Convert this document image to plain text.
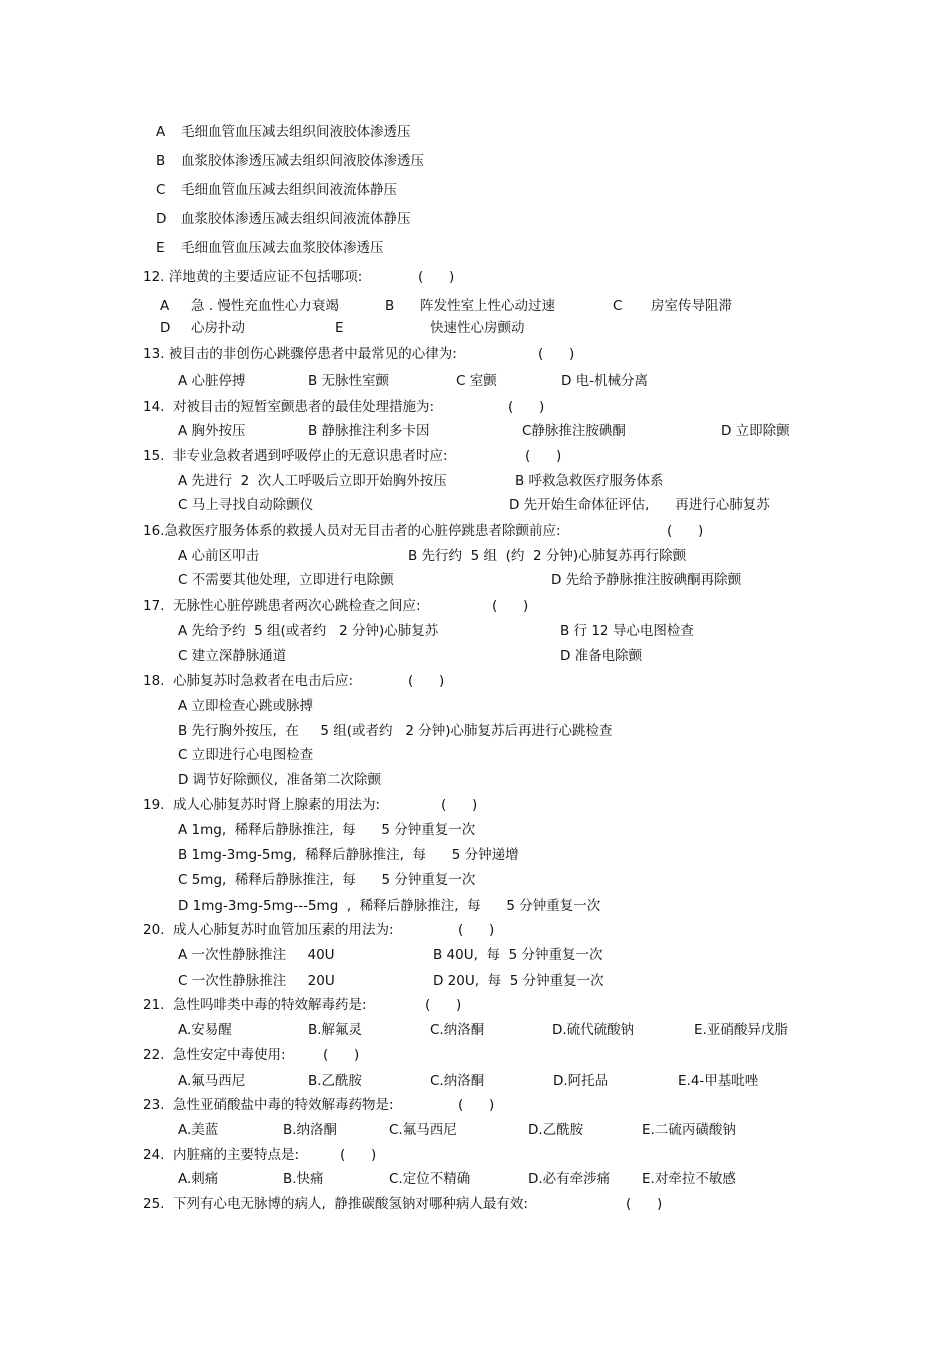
A 毛细血管血压减去组织间液胶体渗透压
B 血浆胶体渗透压减去组织间液胶体渗透压
C 毛细血管血压减去组织间液流体静压
D 血浆胶体渗透压减去组织间液流体静压
E 毛细血管血压减去血浆胶体渗透压
12. 洋地黄的主要适应证不包括哪项:	(      )
A 急 . 慢性充血性心力衰竭	B 阵发性室上性心动过速	C 房室传导阻滞
D 心房扑动	E	快速性心房颤动
13. 被目击的非创伤心跳骤停患者中最常见的心律为:	(      )
A 心脏停搏	B 无脉性室颤	C 室颤	D 电-机械分离
14.  对被目击的短暂室颤患者的最佳处理措施为:	(      )
A 胸外按压	B 静脉推注利多卡因	C静脉推注胺碘酮	D 立即除颤
15.  非专业急救者遇到呼吸停止的无意识患者时应:	(      )
A 先进行  2  次人工呼吸后立即开始胸外按压	B 呼救急救医疗服务体系
C 马上寻找自动除颤仪	D 先开始生命体征评估,      再进行心肺复苏
16.急救医疗服务体系的救援人员对无目击者的心脏停跳患者除颤前应:	(      )
A 心前区叩击	B 先行约  5 组  (约  2 分钟)心肺复苏再行除颤
C 不需要其他处理,  立即进行电除颤	D 先给予静脉推注胺碘酮再除颤
17.  无脉性心脏停跳患者两次心跳检查之间应:	(      )
A 先给予约  5 组(或者约   2 分钟)心肺复苏	B 行 12 导心电图检查
C 建立深静脉通道	D 准备电除颤
18.  心肺复苏时急救者在电击后应:	(      )
A 立即检查心跳或脉搏
B 先行胸外按压,  在     5 组(或者约   2 分钟)心肺复苏后再进行心跳检查
C 立即进行心电图检查
D 调节好除颤仪,  准备第二次除颤
19.  成人心肺复苏时肾上腺素的用法为:	(      )
A 1mg,  稀释后静脉推注,  每      5 分钟重复一次
B 1mg-3mg-5mg,  稀释后静脉推注,  每      5 分钟递增
C 5mg,  稀释后静脉推注,  每      5 分钟重复一次
D 1mg-3mg-5mg---5mg  ,  稀释后静脉推注,  每      5 分钟重复一次
20.  成人心肺复苏时血管加压素的用法为:	(      )
A 一次性静脉推注     40U	B 40U,  每  5 分钟重复一次
C 一次性静脉推注     20U	D 20U,  每  5 分钟重复一次
21.  急性吗啡类中毒的特效解毒药是:	(      )
A.安易醒	B.解氟灵	C.纳洛酮	D.硫代硫酸钠	E.亚硝酸异戊脂
22.  急性安定中毒使用:	(      )
A.氟马西尼	B.乙酰胺	C.纳洛酮	D.阿托品	E.4-甲基吡唑
23.  急性亚硝酸盐中毒的特效解毒药物是:	(      )
A.美蓝	B.纳洛酮	C.氟马西尼	D.乙酰胺	E.二硫丙磺酸钠
24.  内脏痛的主要特点是:	(      )
A.刺痛	B.快痛	C.定位不精确	D.必有牵涉痛 E.对牵拉不敏感
25.  下列有心电无脉博的病人,  静推碳酸氢钠对哪种病人最有效:	(      )
